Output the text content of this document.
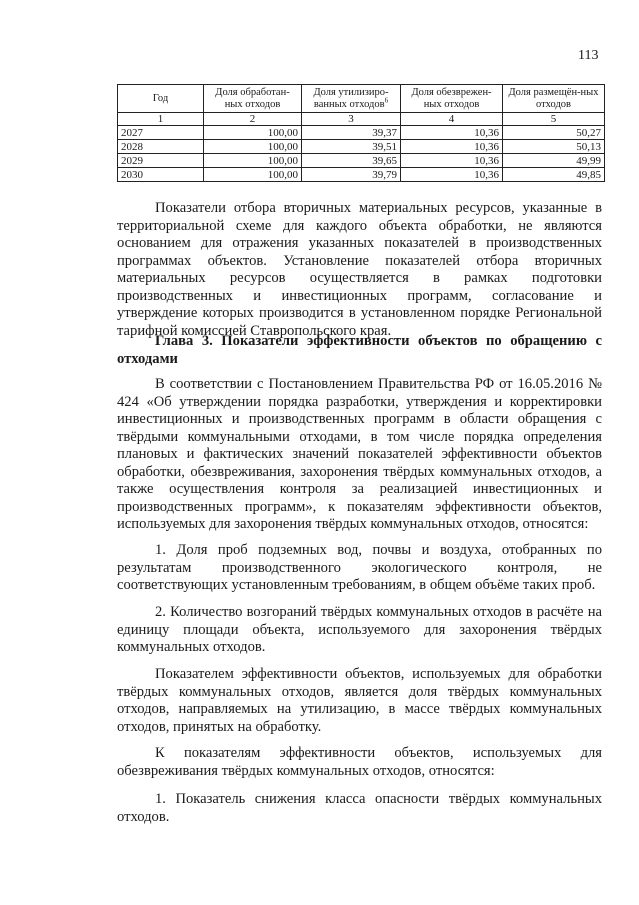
113
Год	Доля обработан-ных отходов	Доля утилизиро-ванных отходов$^6$	Доля обезврежен-ных отходов	Доля размещён-ных отходов
1	2	3	4	5
2027	100,00	39,37	10,36	50,27
2028	100,00	39,51	10,36	50,13
2029	100,00	39,65	10,36	49,99
2030	100,00	39,79	10,36	49,85

Показатели отбора вторичных материальных ресурсов, указанные в территориальной схеме для каждого объекта обработки, не являются основанием для отражения указанных показателей в производственных программах объектов. Установление показателей отбора вторичных материальных ресурсов осуществляется в рамках подготовки производственных и инвестиционных программ, согласование и утверждение которых производится в установленном порядке Региональной тарифной комиссией Ставропольского края.

Глава 3. Показатели эффективности объектов по обращению с отходами

В соответствии с Постановлением Правительства РФ от 16.05.2016 № 424 «Об утверждении порядка разработки, утверждения и корректировки инвестиционных и производственных программ в области обращения с твёрдыми коммунальными отходами, в том числе порядка определения плановых и фактических значений показателей эффективности объектов обработки, обезвреживания, захоронения твёрдых коммунальных отходов, а также осуществления контроля за реализацией инвестиционных и производственных программ», к показателям эффективности объектов, используемых для захоронения твёрдых коммунальных отходов, относятся:

1. Доля проб подземных вод, почвы и воздуха, отобранных по результатам производственного экологического контроля, не соответствующих установленным требованиям, в общем объёме таких проб.

2. Количество возгораний твёрдых коммунальных отходов в расчёте на единицу площади объекта, используемого для захоронения твёрдых коммунальных отходов.

Показателем эффективности объектов, используемых для обработки твёрдых коммунальных отходов, является доля твёрдых коммунальных отходов, направляемых на утилизацию, в массе твёрдых коммунальных отходов, принятых на обработку.

К показателям эффективности объектов, используемых для обезвреживания твёрдых коммунальных отходов, относятся:

1. Показатель снижения класса опасности твёрдых коммунальных отходов.
